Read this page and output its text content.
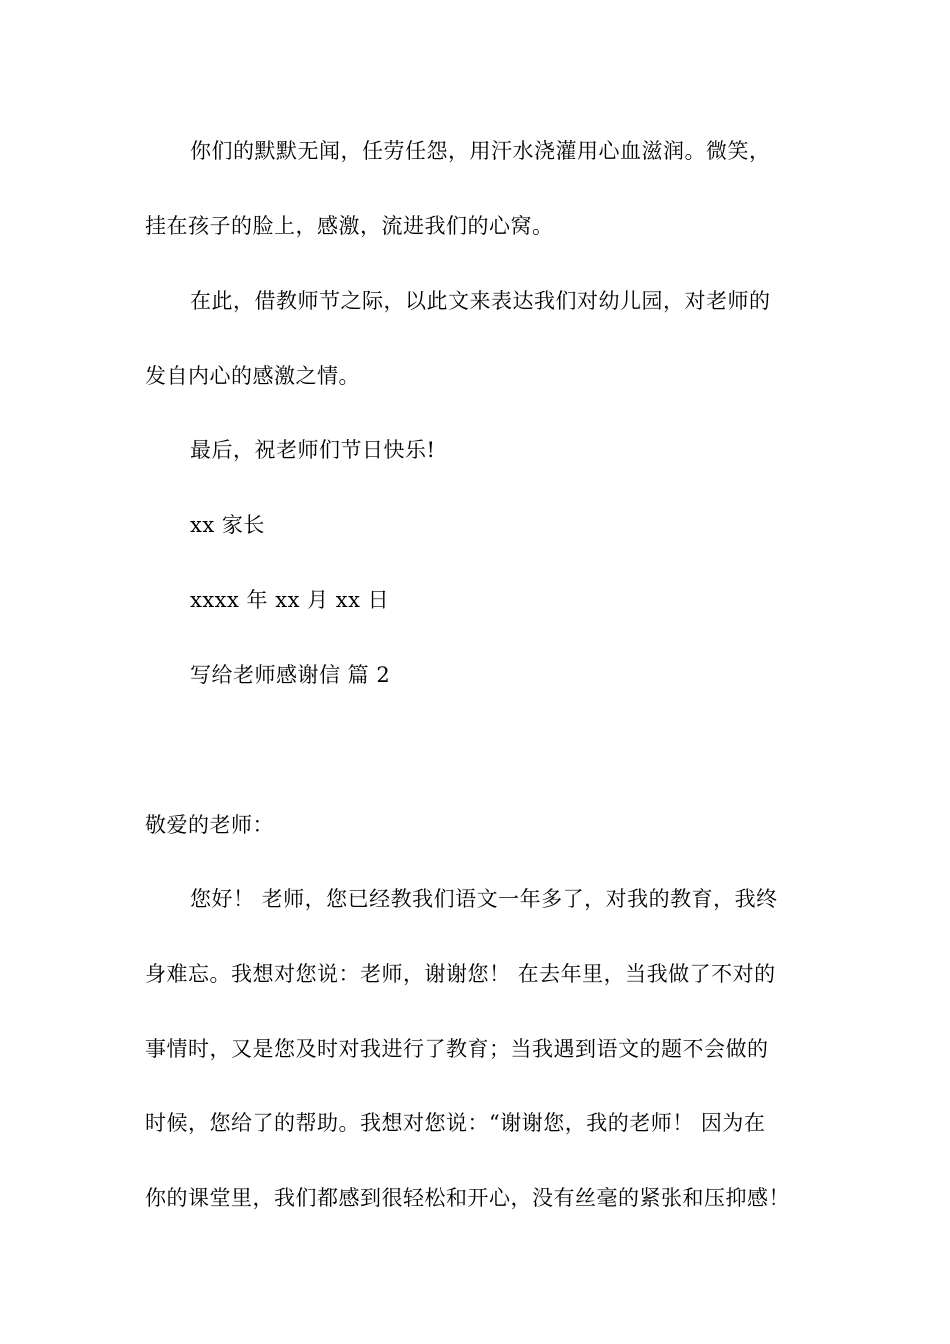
你们的默默无闻，任劳任怨，用汗水浇灌用心血滋润。微笑，
挂在孩子的脸上，感激，流进我们的心窝。
在此，借教师节之际，以此文来表达我们对幼儿园，对老师的
发自内心的感激之情。
最后，祝老师们节日快乐!
xx 家长
xxxx 年 xx 月 xx 日
写给老师感谢信 篇 2
敬爱的老师：
您好！ 老师，您已经教我们语文一年多了，对我的教育，我终
身难忘。我想对您说：老师，谢谢您！ 在去年里，当我做了不对的
事情时，又是您及时对我进行了教育；当我遇到语文的题不会做的
时候，您给了的帮助。我想对您说：“谢谢您，我的老师！ 因为在
你的课堂里，我们都感到很轻松和开心，没有丝毫的紧张和压抑感！
